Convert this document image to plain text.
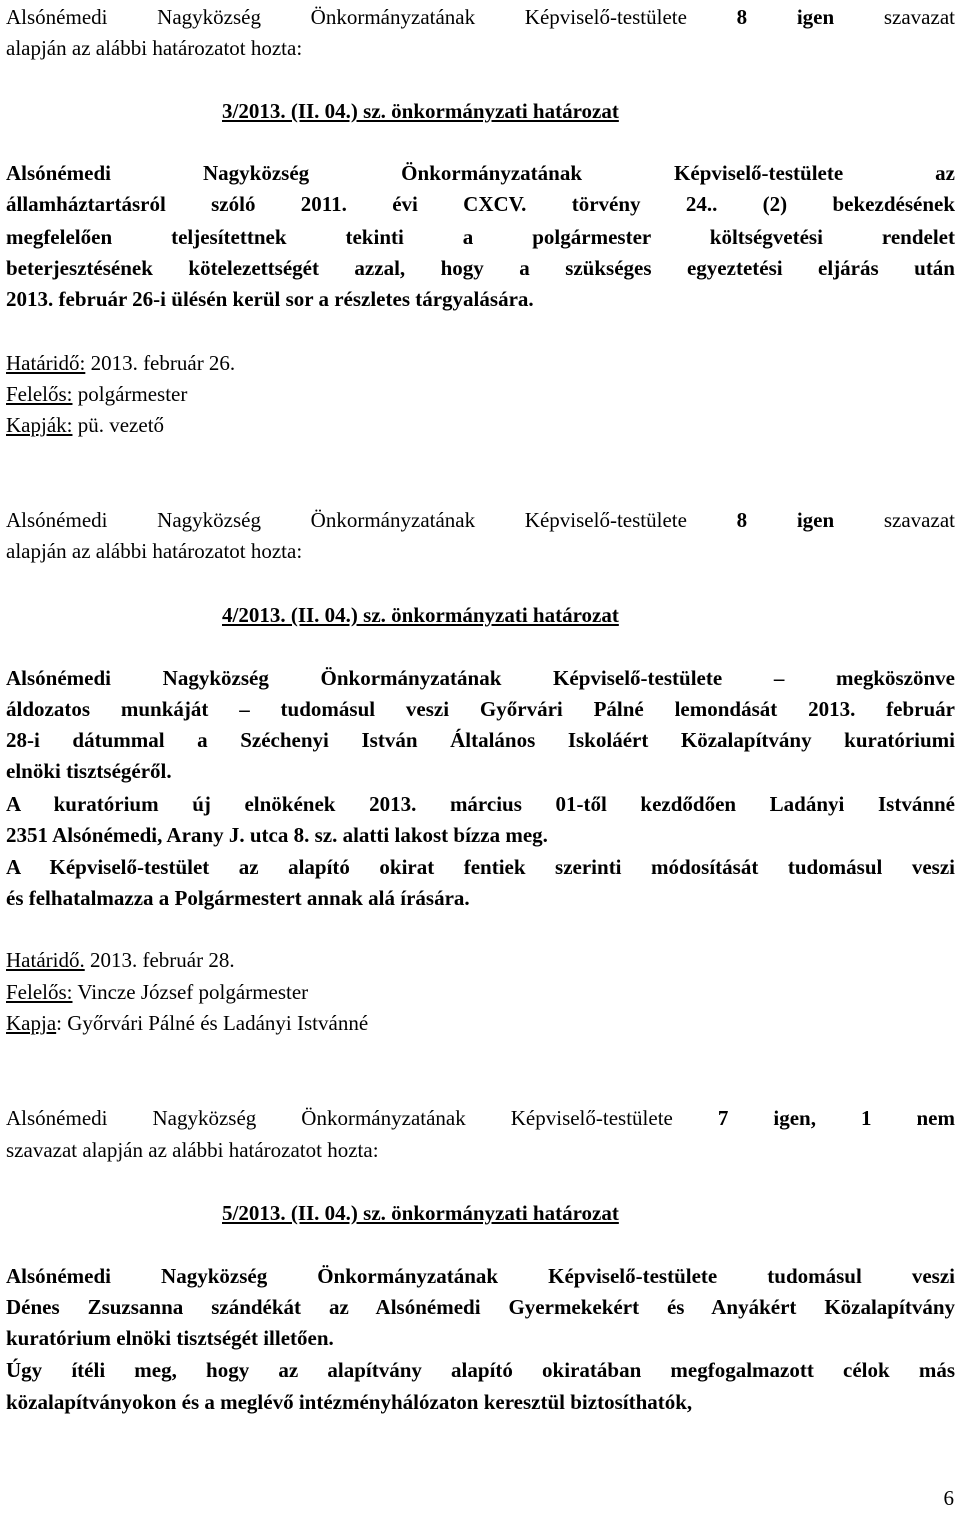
Alsónémedi Nagyközség Önkormányzatának Képviselő-testülete 8 igen szavazat
alapján az alábbi határozatot hozta:
3/2013. (II. 04.) sz. önkormányzati határozat
Alsónémedi Nagyközség Önkormányzatának Képviselő-testülete az
államháztartásról szóló 2011. évi CXCV. törvény 24.. (2) bekezdésének
megfelelően teljesítettnek tekinti a polgármester költségvetési rendelet
beterjesztésének kötelezettségét azzal, hogy a szükséges egyeztetési eljárás után
2013. február 26-i ülésén kerül sor a részletes tárgyalására.
Határidő: 2013. február 26.
Felelős: polgármester
Kapják: pü. vezető
Alsónémedi Nagyközség Önkormányzatának Képviselő-testülete 8 igen szavazat
alapján az alábbi határozatot hozta:
4/2013. (II. 04.) sz. önkormányzati határozat
Alsónémedi Nagyközség Önkormányzatának Képviselő-testülete – megköszönve
áldozatos munkáját – tudomásul veszi Győrvári Pálné lemondását 2013. február
28-i dátummal a Széchenyi István Általános Iskoláért Közalapítvány kuratóriumi
elnöki tisztségéről.
A kuratórium új elnökének 2013. március 01-től kezdődően Ladányi Istvánné
2351 Alsónémedi, Arany J. utca 8. sz. alatti lakost bízza meg.
A Képviselő-testület az alapító okirat fentiek szerinti módosítását tudomásul veszi
és felhatalmazza a Polgármestert annak alá írására.
Határidő. 2013. február 28.
Felelős: Vincze József polgármester
Kapja: Győrvári Pálné és Ladányi Istvánné
Alsónémedi Nagyközség Önkormányzatának Képviselő-testülete 7 igen, 1 nem
szavazat alapján az alábbi határozatot hozta:
5/2013. (II. 04.) sz. önkormányzati határozat
Alsónémedi Nagyközség Önkormányzatának Képviselő-testülete tudomásul veszi
Dénes Zsuzsanna szándékát az Alsónémedi Gyermekekért és Anyákért Közalapítvány
kuratórium elnöki tisztségét illetően.
Úgy ítéli meg, hogy az alapítvány alapító okiratában megfogalmazott célok más
közalapítványokon és a meglévő intézményhálózaton keresztül biztosíthatók,
6
